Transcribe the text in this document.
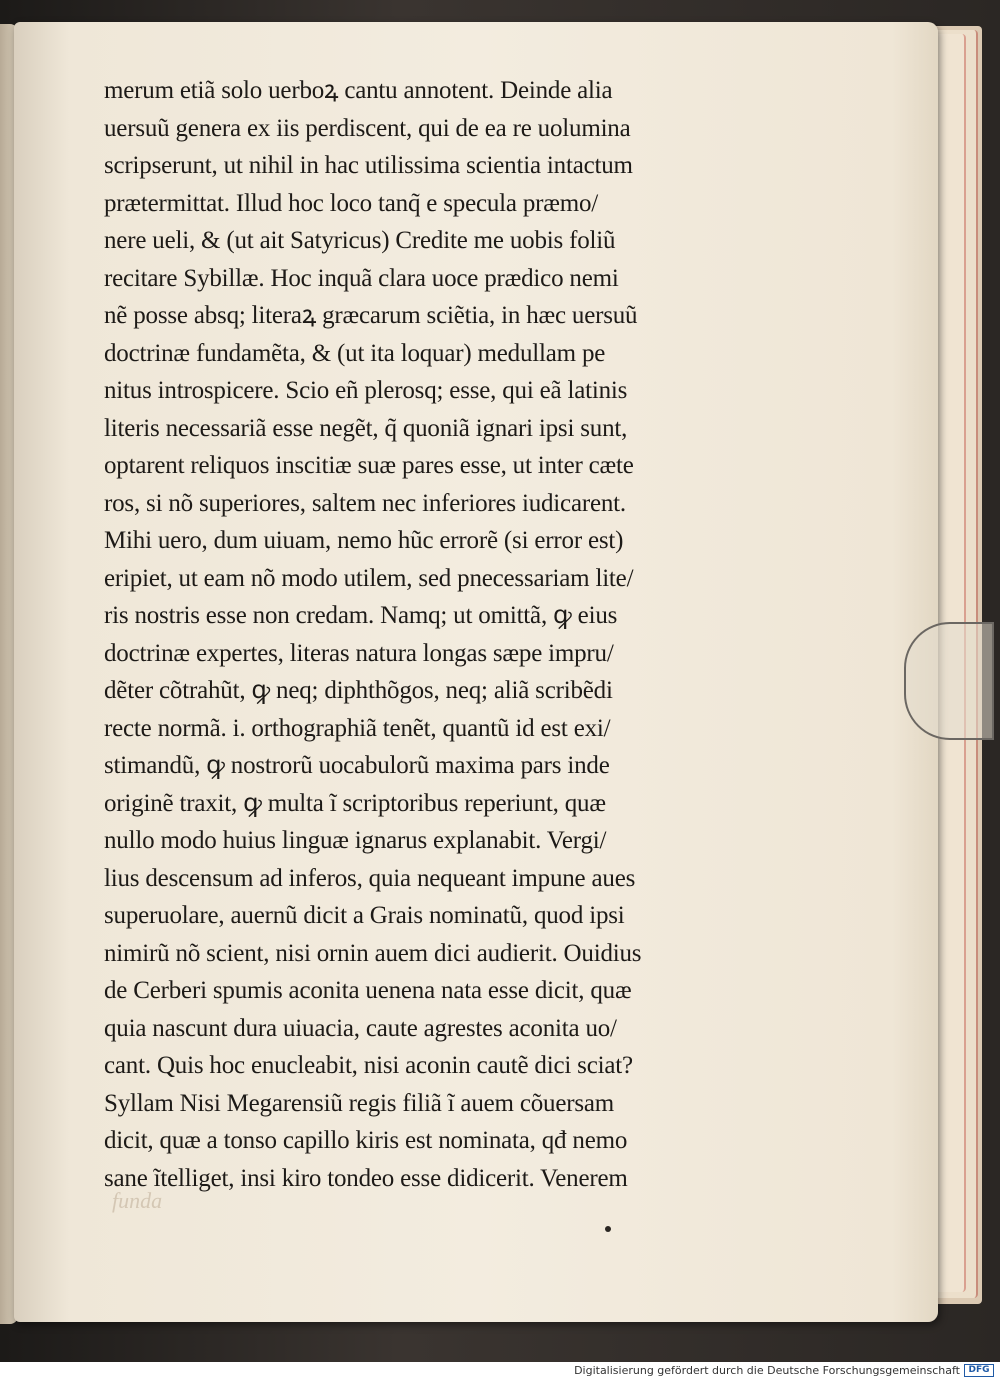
merum etiã solo uerboꝝ cantu annotent. Deinde alia
uersuũ genera ex iis perdiscent, qui de ea re uolumina
scripserunt, ut nihil in hac utilissima scientia intactum
prætermittat. Illud hoc loco tanq̃ e specula præmo/
nere ueli, & (ut ait Satyricus) Credite me uobis foliũ
recitare Sybillæ. Hoc inquã clara uoce prædico nemi
nẽ posse absq; literaꝝ græcarum sciẽtia, in hæc uersuũ
doctrinæ fundamẽta, & (ut ita loquar) medullam pe
nitus introspicere. Scio eñ plerosq; esse, qui eã latinis
literis necessariã esse negẽt, q̃ quoniã ignari ipsi sunt,
optarent reliquos inscitiæ suæ pares esse, ut inter cæte
ros, si nõ superiores, saltem nec inferiores iudicarent.
Mihi uero, dum uiuam, nemo hũc errorẽ (si error est)
eripiet, ut eam nõ modo utilem, sed pnecessariam lite/
ris nostris esse non credam. Namq; ut omittã, ꝙ eius
doctrinæ expertes, literas natura longas sæpe impru/
dẽter cõtrahũt, ꝙ neq; diphthõgos, neq; aliã scribẽdi
recte normã. i. orthographiã tenẽt, quantũ id est exi/
stimandũ, ꝙ nostrorũ uocabulorũ maxima pars inde
originẽ traxit, ꝙ multa ĩ scriptoribus reperiunt, quæ
nullo modo huius linguæ ignarus explanabit. Vergi/
lius descensum ad inferos, quia nequeant impune aues
superuolare, auernũ dicit a Grais nominatũ, quod ipsi
nimirũ nõ scient, nisi ornin auem dici audierit. Ouidius
de Cerberi spumis aconita uenena nata esse dicit, quæ
quia nascunt dura uiuacia, caute agrestes aconita uo/
cant. Quis hoc enucleabit, nisi aconin cautẽ dici sciat?
Syllam Nisi Megarensiũ regis filiã ĩ auem cõuersam
dicit, quæ a tonso capillo kiris est nominata, qđ nemo
sane ĩtelliget, insi kiro tondeo esse didicerit. Venerem
funda
Digitalisierung gefördert durch die Deutsche Forschungsgemeinschaft DFG
